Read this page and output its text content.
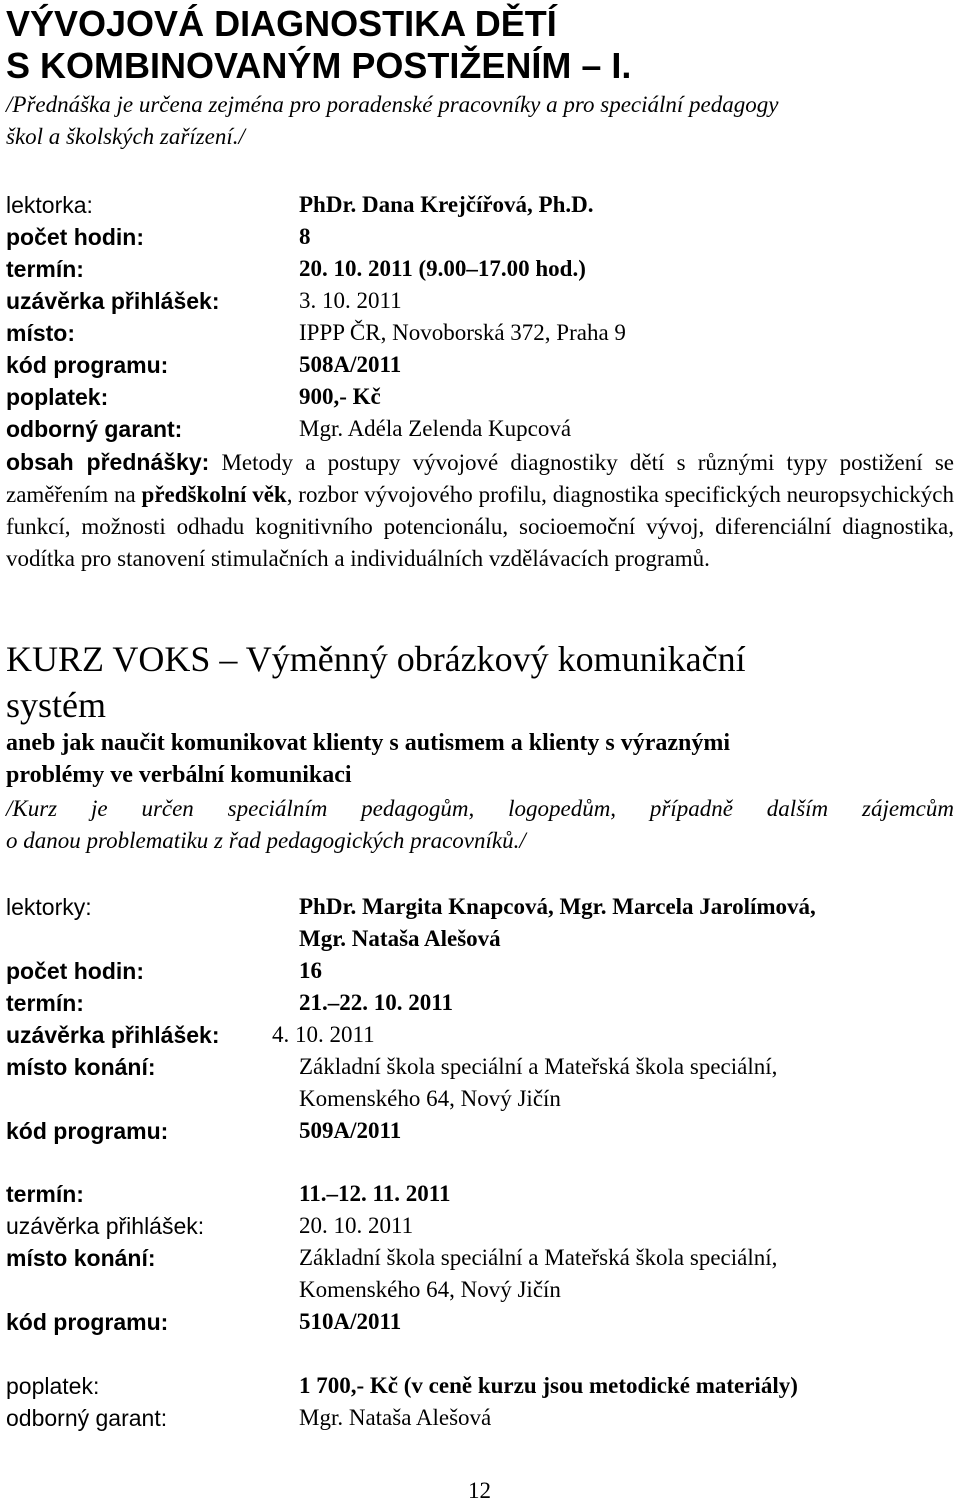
VÝVOJOVÁ DIAGNOSTIKA DĚTÍ
S KOMBINOVANÝM POSTIŽENÍM – I.
/Přednáška je určena zejména pro poradenské pracovníky a pro speciální pedagogy
škol a školských zařízení./
lektorka:	PhDr. Dana Krejčířová, Ph.D.
počet hodin:	8
termín:	20. 10. 2011 (9.00–17.00 hod.)
uzávěrka přihlášek:	3. 10. 2011
místo:	IPPP ČR, Novoborská 372, Praha 9
kód programu:	508A/2011
poplatek:	900,- Kč
odborný garant:	Mgr. Adéla Zelenda Kupcová
obsah přednášky: Metody a postupy vývojové diagnostiky dětí s různými typy postižení se zaměřením na předškolní věk, rozbor vývojového profilu, diagnostika specifických neuropsychických funkcí, možnosti odhadu kognitivního potencionálu, socioemoční vývoj, diferenciální diagnostika, vodítka pro stanovení stimulačních a individuálních vzdělávacích programů.
KURZ VOKS – Výměnný obrázkový komunikační
systém
aneb jak naučit komunikovat klienty s autismem a klienty s výraznými
problémy ve verbální komunikaci
/Kurz je určen speciálním pedagogům, logopedům, případně dalším zájemcům
o danou problematiku z řad pedagogických pracovníků./
lektorky:	PhDr. Margita Knapcová, Mgr. Marcela Jarolímová,
Mgr. Nataša Alešová
počet hodin:	16
termín:	21.–22. 10. 2011
uzávěrka přihlášek: 4. 10. 2011
místo konání:	Základní škola speciální a Mateřská škola speciální,
Komenského 64, Nový Jičín
kód programu:	509A/2011
termín:	11.–12. 11. 2011
uzávěrka přihlášek:	20. 10. 2011
místo konání:	Základní škola speciální a Mateřská škola speciální,
Komenského 64, Nový Jičín
kód programu:	510A/2011
poplatek:	1 700,- Kč (v ceně kurzu jsou metodické materiály)
odborný garant:	Mgr. Nataša Alešová
12
